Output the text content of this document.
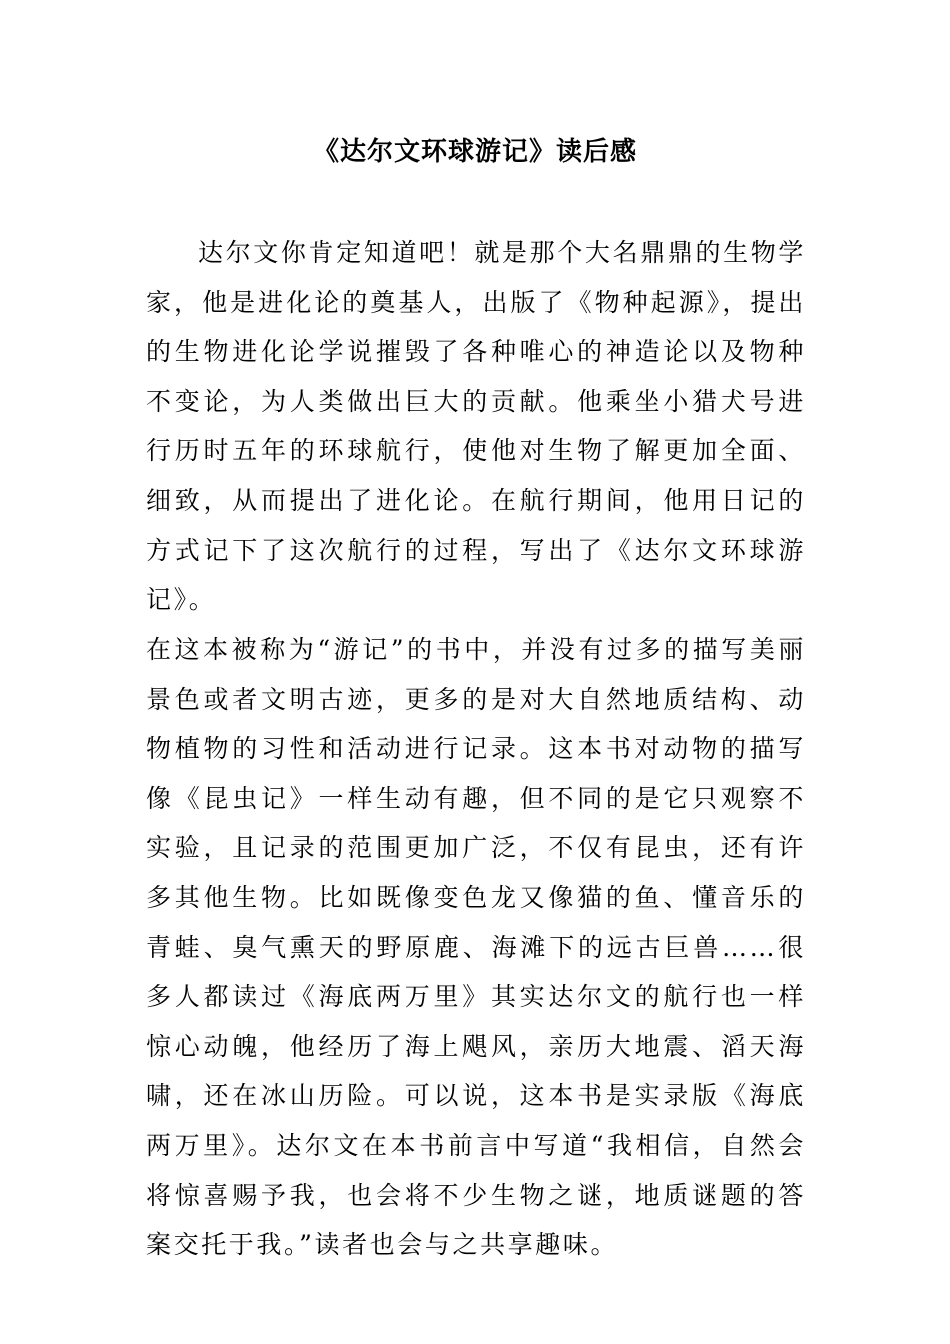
《达尔文环球游记》读后感

达尔文你肯定知道吧！就是那个大名鼎鼎的生物学家，他是进化论的奠基人，出版了《物种起源》，提出的生物进化论学说摧毁了各种唯心的神造论以及物种不变论，为人类做出巨大的贡献。他乘坐小猎犬号进行历时五年的环球航行，使他对生物了解更加全面、细致，从而提出了进化论。在航行期间，他用日记的方式记下了这次航行的过程，写出了《达尔文环球游记》。

在这本被称为“游记”的书中，并没有过多的描写美丽景色或者文明古迹，更多的是对大自然地质结构、动物植物的习性和活动进行记录。这本书对动物的描写像《昆虫记》一样生动有趣，但不同的是它只观察不实验，且记录的范围更加广泛，不仅有昆虫，还有许多其他生物。比如既像变色龙又像猫的鱼、懂音乐的青蛙、臭气熏天的野原鹿、海滩下的远古巨兽……很多人都读过《海底两万里》其实达尔文的航行也一样惊心动魄，他经历了海上飓风，亲历大地震、滔天海啸，还在冰山历险。可以说，这本书是实录版《海底两万里》。达尔文在本书前言中写道“我相信，自然会将惊喜赐予我，也会将不少生物之谜，地质谜题的答案交托于我。”读者也会与之共享趣味。
